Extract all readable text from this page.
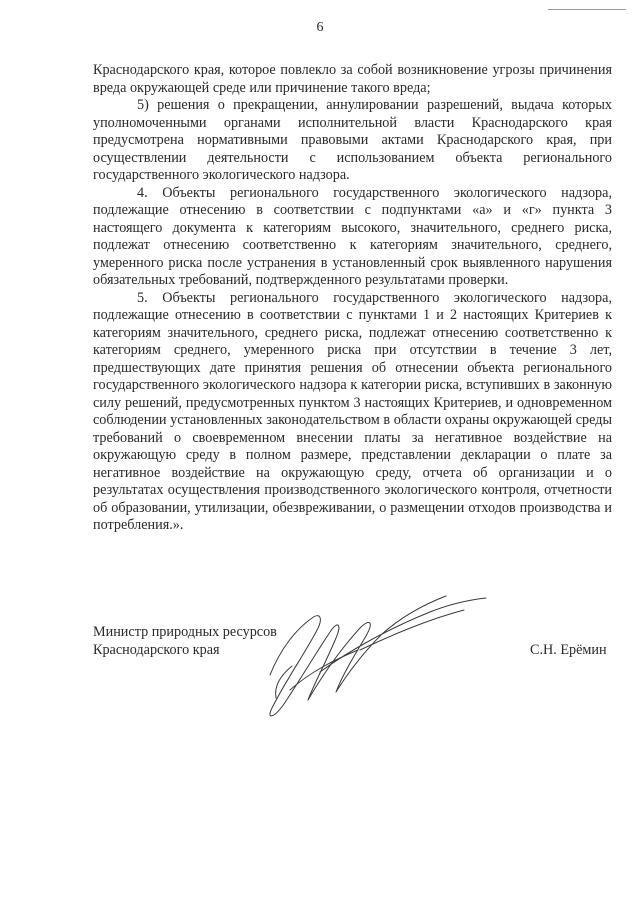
6

Краснодарского края, которое повлекло за собой возникновение угрозы причинения вреда окружающей среде или причинение такого вреда;

5) решения о прекращении, аннулировании разрешений, выдача которых уполномоченными органами исполнительной власти Краснодарского края предусмотрена нормативными правовыми актами Краснодарского края, при осуществлении деятельности с использованием объекта регионального государственного экологического надзора.

4. Объекты регионального государственного экологического надзора, подлежащие отнесению в соответствии с подпунктами «а» и «г» пункта 3 настоящего документа к категориям высокого, значительного, среднего риска, подлежат отнесению соответственно к категориям значительного, среднего, умеренного риска после устранения в установленный срок выявленного нарушения обязательных требований, подтвержденного результатами проверки.

5. Объекты регионального государственного экологического надзора, подлежащие отнесению в соответствии с пунктами 1 и 2 настоящих Критериев к категориям значительного, среднего риска, подлежат отнесению соответственно к категориям среднего, умеренного риска при отсутствии в течение 3 лет, предшествующих дате принятия решения об отнесении объекта регионального государственного экологического надзора к категории риска, вступивших в законную силу решений, предусмотренных пунктом 3 настоящих Критериев, и одновременном соблюдении установленных законодательством в области охраны окружающей среды требований о своевременном внесении платы за негативное воздействие на окружающую среду в полном размере, представлении декларации о плате за негативное воздействие на окружающую среду, отчета об организации и о результатах осуществления производственного экологического контроля, отчетности об образовании, утилизации, обезвреживании, о размещении отходов производства и потребления.».

Министр природных ресурсов
Краснодарского края	С.Н. Ерёмин
